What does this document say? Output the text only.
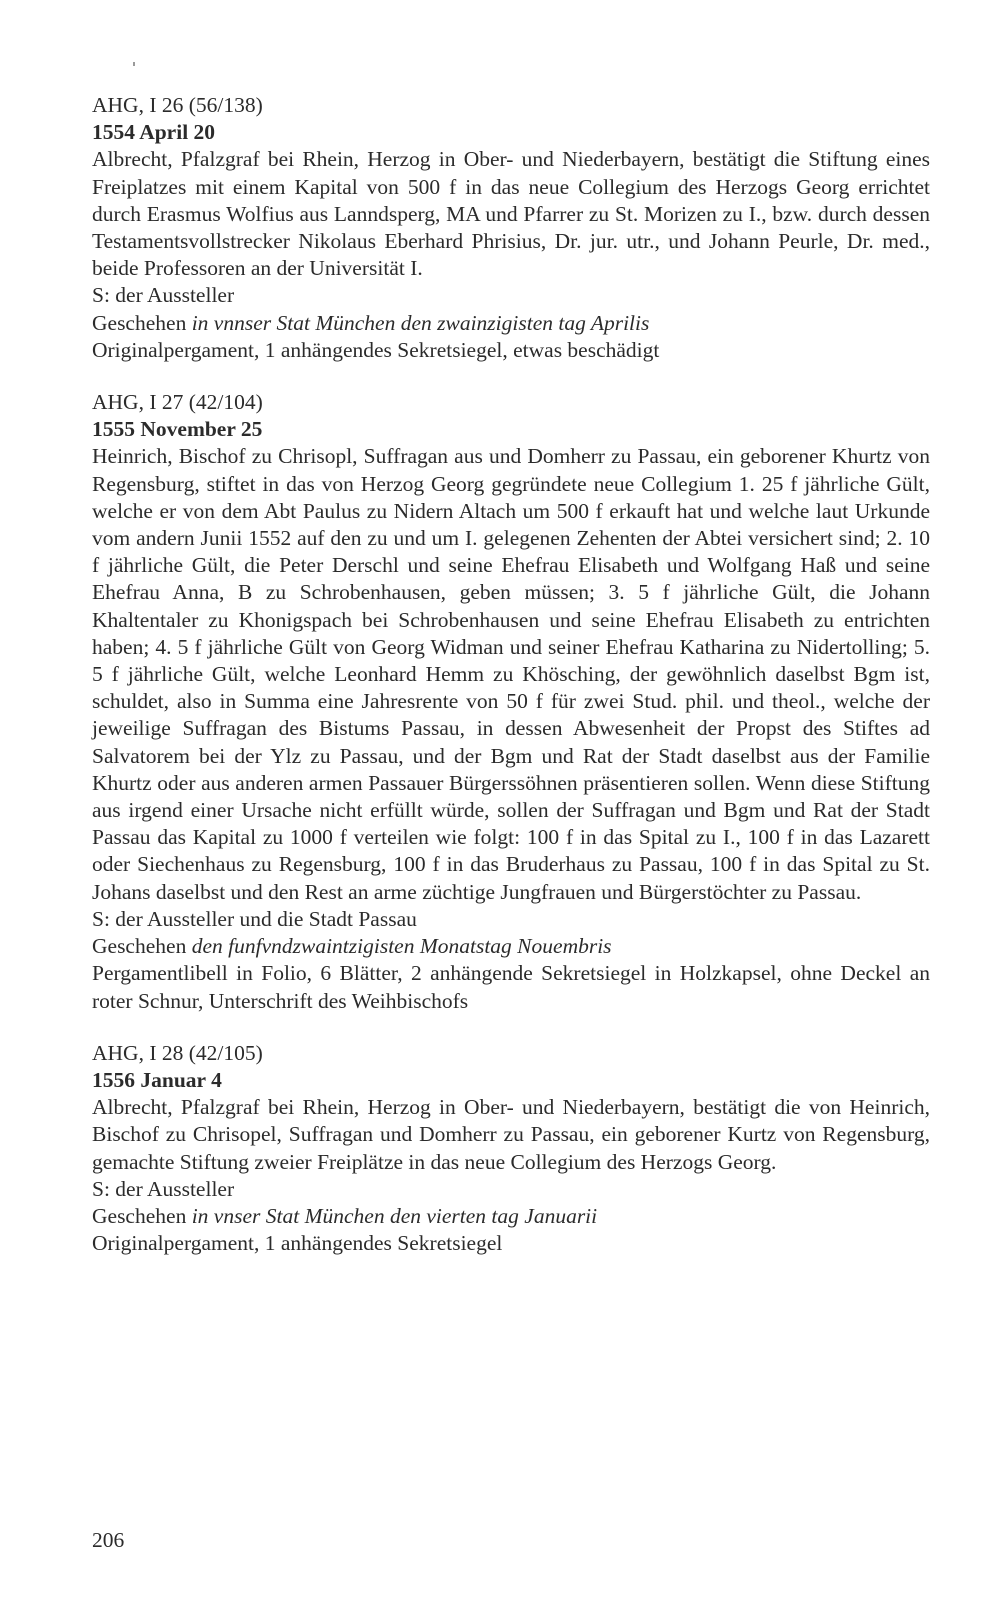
AHG, I 26 (56/138)

1554 April 20

Albrecht, Pfalzgraf bei Rhein, Herzog in Ober- und Niederbayern, bestätigt die Stiftung eines Freiplatzes mit einem Kapital von 500 f in das neue Collegium des Herzogs Georg errichtet durch Erasmus Wolfius aus Lanndsperg, MA und Pfarrer zu St. Morizen zu I., bzw. durch dessen Testamentsvollstrecker Nikolaus Eberhard Phrisius, Dr. jur. utr., und Johann Peurle, Dr. med., beide Professoren an der Universität I.

S: der Aussteller

Geschehen in vnnser Stat München den zwainzigisten tag Aprilis

Originalpergament, 1 anhängendes Sekretsiegel, etwas beschädigt

AHG, I 27 (42/104)

1555 November 25

Heinrich, Bischof zu Chrisopl, Suffragan aus und Domherr zu Passau, ein geborener Khurtz von Regensburg, stiftet in das von Herzog Georg gegründete neue Collegium 1. 25 f jährliche Gült, welche er von dem Abt Paulus zu Nidern Altach um 500 f erkauft hat und welche laut Urkunde vom andern Junii 1552 auf den zu und um I. gelegenen Zehenten der Abtei versichert sind; 2. 10 f jährliche Gült, die Peter Derschl und seine Ehefrau Elisabeth und Wolfgang Haß und seine Ehefrau Anna, B zu Schrobenhausen, geben müssen; 3. 5 f jährliche Gült, die Johann Khaltentaler zu Khonigspach bei Schrobenhausen und seine Ehefrau Elisabeth zu entrichten haben; 4. 5 f jährliche Gült von Georg Widman und seiner Ehefrau Katharina zu Nidertolling; 5. 5 f jährliche Gült, welche Leonhard Hemm zu Khösching, der gewöhnlich daselbst Bgm ist, schuldet, also in Summa eine Jahresrente von 50 f für zwei Stud. phil. und theol., welche der jeweilige Suffragan des Bistums Passau, in dessen Abwesenheit der Propst des Stiftes ad Salvatorem bei der Ylz zu Passau, und der Bgm und Rat der Stadt daselbst aus der Familie Khurtz oder aus anderen armen Passauer Bürgerssöhnen präsentieren sollen. Wenn diese Stiftung aus irgend einer Ursache nicht erfüllt würde, sollen der Suffragan und Bgm und Rat der Stadt Passau das Kapital zu 1000 f verteilen wie folgt: 100 f in das Spital zu I., 100 f in das Lazarett oder Siechenhaus zu Regensburg, 100 f in das Bruderhaus zu Passau, 100 f in das Spital zu St. Johans daselbst und den Rest an arme züchtige Jungfrauen und Bürgerstöchter zu Passau.

S: der Aussteller und die Stadt Passau

Geschehen den funfvndzwaintzigisten Monatstag Nouembris

Pergamentlibell in Folio, 6 Blätter, 2 anhängende Sekretsiegel in Holzkapsel, ohne Deckel an roter Schnur, Unterschrift des Weihbischofs

AHG, I 28 (42/105)

1556 Januar 4

Albrecht, Pfalzgraf bei Rhein, Herzog in Ober- und Niederbayern, bestätigt die von Heinrich, Bischof zu Chrisopel, Suffragan und Domherr zu Passau, ein geborener Kurtz von Regensburg, gemachte Stiftung zweier Freiplätze in das neue Collegium des Herzogs Georg.

S: der Aussteller

Geschehen in vnser Stat München den vierten tag Januarii

Originalpergament, 1 anhängendes Sekretsiegel

206
